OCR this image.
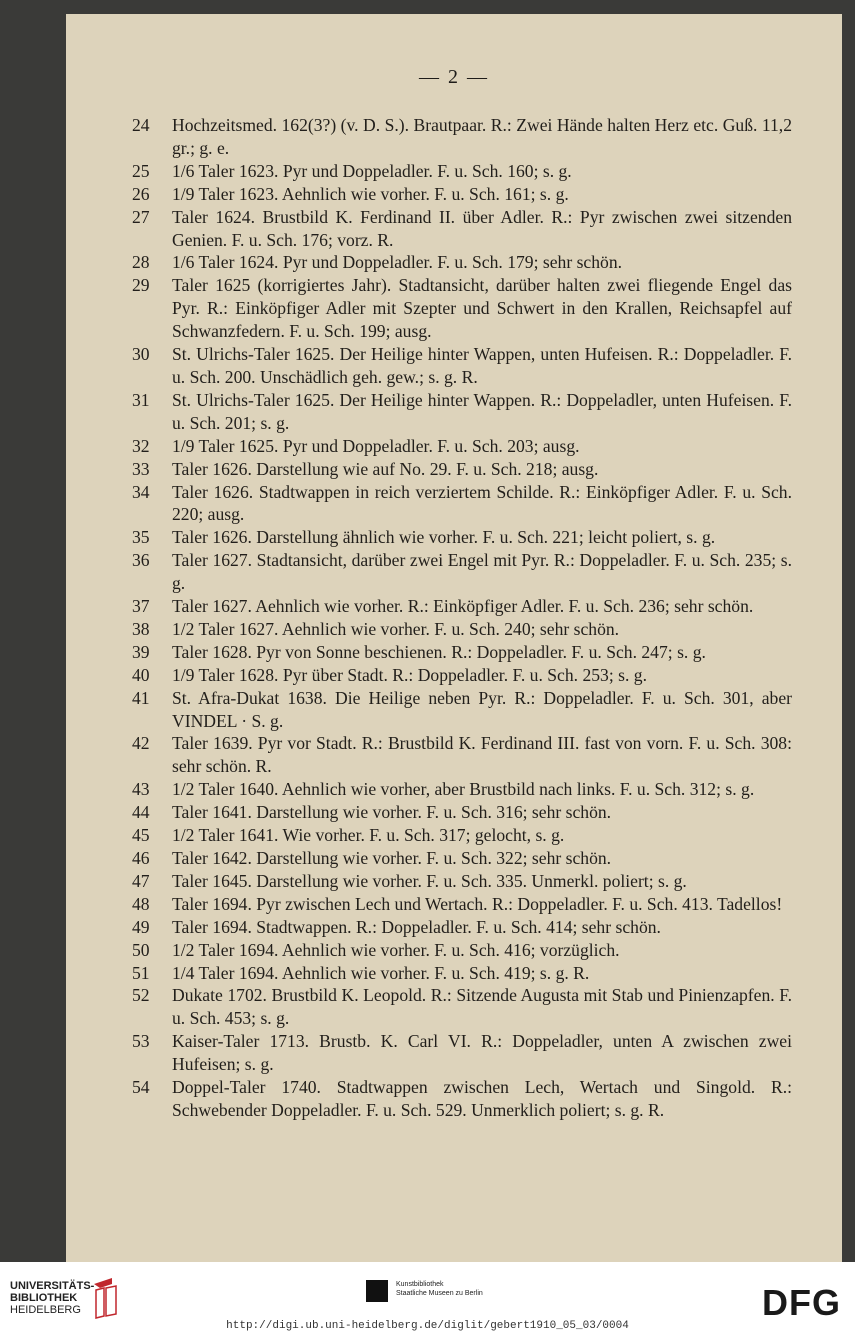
— 2 —
24 Hochzeitsmed. 162(3?) (v. D. S.). Brautpaar. R.: Zwei Hände halten Herz etc. Guß. 11,2 gr.; g. e.
25 1/6 Taler 1623. Pyr und Doppeladler. F. u. Sch. 160; s. g.
26 1/9 Taler 1623. Aehnlich wie vorher. F. u. Sch. 161; s. g.
27 Taler 1624. Brustbild K. Ferdinand II. über Adler. R.: Pyr zwischen zwei sitzenden Genien. F. u. Sch. 176; vorz. R.
28 1/6 Taler 1624. Pyr und Doppeladler. F. u. Sch. 179; sehr schön.
29 Taler 1625 (korrigiertes Jahr). Stadtansicht, darüber halten zwei fliegende Engel das Pyr. R.: Einköpfiger Adler mit Szepter und Schwert in den Krallen, Reichsapfel auf Schwanzfedern. F. u. Sch. 199; ausg.
30 St. Ulrichs-Taler 1625. Der Heilige hinter Wappen, unten Hufeisen. R.: Doppeladler. F. u. Sch. 200. Unschädlich geh. gew.; s. g. R.
31 St. Ulrichs-Taler 1625. Der Heilige hinter Wappen. R.: Doppeladler, unten Hufeisen. F. u. Sch. 201; s. g.
32 1/9 Taler 1625. Pyr und Doppeladler. F. u. Sch. 203; ausg.
33 Taler 1626. Darstellung wie auf No. 29. F. u. Sch. 218; ausg.
34 Taler 1626. Stadtwappen in reich verziertem Schilde. R.: Einköpfiger Adler. F. u. Sch. 220; ausg.
35 Taler 1626. Darstellung ähnlich wie vorher. F. u. Sch. 221; leicht poliert, s. g.
36 Taler 1627. Stadtansicht, darüber zwei Engel mit Pyr. R.: Doppeladler. F. u. Sch. 235; s. g.
37 Taler 1627. Aehnlich wie vorher. R.: Einköpfiger Adler. F. u. Sch. 236; sehr schön.
38 1/2 Taler 1627. Aehnlich wie vorher. F. u. Sch. 240; sehr schön.
39 Taler 1628. Pyr von Sonne beschienen. R.: Doppeladler. F. u. Sch. 247; s. g.
40 1/9 Taler 1628. Pyr über Stadt. R.: Doppeladler. F. u. Sch. 253; s. g.
41 St. Afra-Dukat 1638. Die Heilige neben Pyr. R.: Doppeladler. F. u. Sch. 301, aber VINDEL · S. g.
42 Taler 1639. Pyr vor Stadt. R.: Brustbild K. Ferdinand III. fast von vorn. F. u. Sch. 308: sehr schön. R.
43 1/2 Taler 1640. Aehnlich wie vorher, aber Brustbild nach links. F. u. Sch. 312; s. g.
44 Taler 1641. Darstellung wie vorher. F. u. Sch. 316; sehr schön.
45 1/2 Taler 1641. Wie vorher. F. u. Sch. 317; gelocht, s. g.
46 Taler 1642. Darstellung wie vorher. F. u. Sch. 322; sehr schön.
47 Taler 1645. Darstellung wie vorher. F. u. Sch. 335. Unmerkl. poliert; s. g.
48 Taler 1694. Pyr zwischen Lech und Wertach. R.: Doppeladler. F. u. Sch. 413. Tadellos!
49 Taler 1694. Stadtwappen. R.: Doppeladler. F. u. Sch. 414; sehr schön.
50 1/2 Taler 1694. Aehnlich wie vorher. F. u. Sch. 416; vorzüglich.
51 1/4 Taler 1694. Aehnlich wie vorher. F. u. Sch. 419; s. g. R.
52 Dukate 1702. Brustbild K. Leopold. R.: Sitzende Augusta mit Stab und Pinienzapfen. F. u. Sch. 453; s. g.
53 Kaiser-Taler 1713. Brustb. K. Carl VI. R.: Doppeladler, unten A zwischen zwei Hufeisen; s. g.
54 Doppel-Taler 1740. Stadtwappen zwischen Lech, Wertach und Singold. R.: Schwebender Doppeladler. F. u. Sch. 529. Unmerklich poliert; s. g. R.
UNIVERSITÄTS-
BIBLIOTHEK
HEIDELBERG
Kunstbibliothek
Staatliche Museen zu Berlin	DFG
http://digi.ub.uni-heidelberg.de/diglit/gebert1910_05_03/0004
